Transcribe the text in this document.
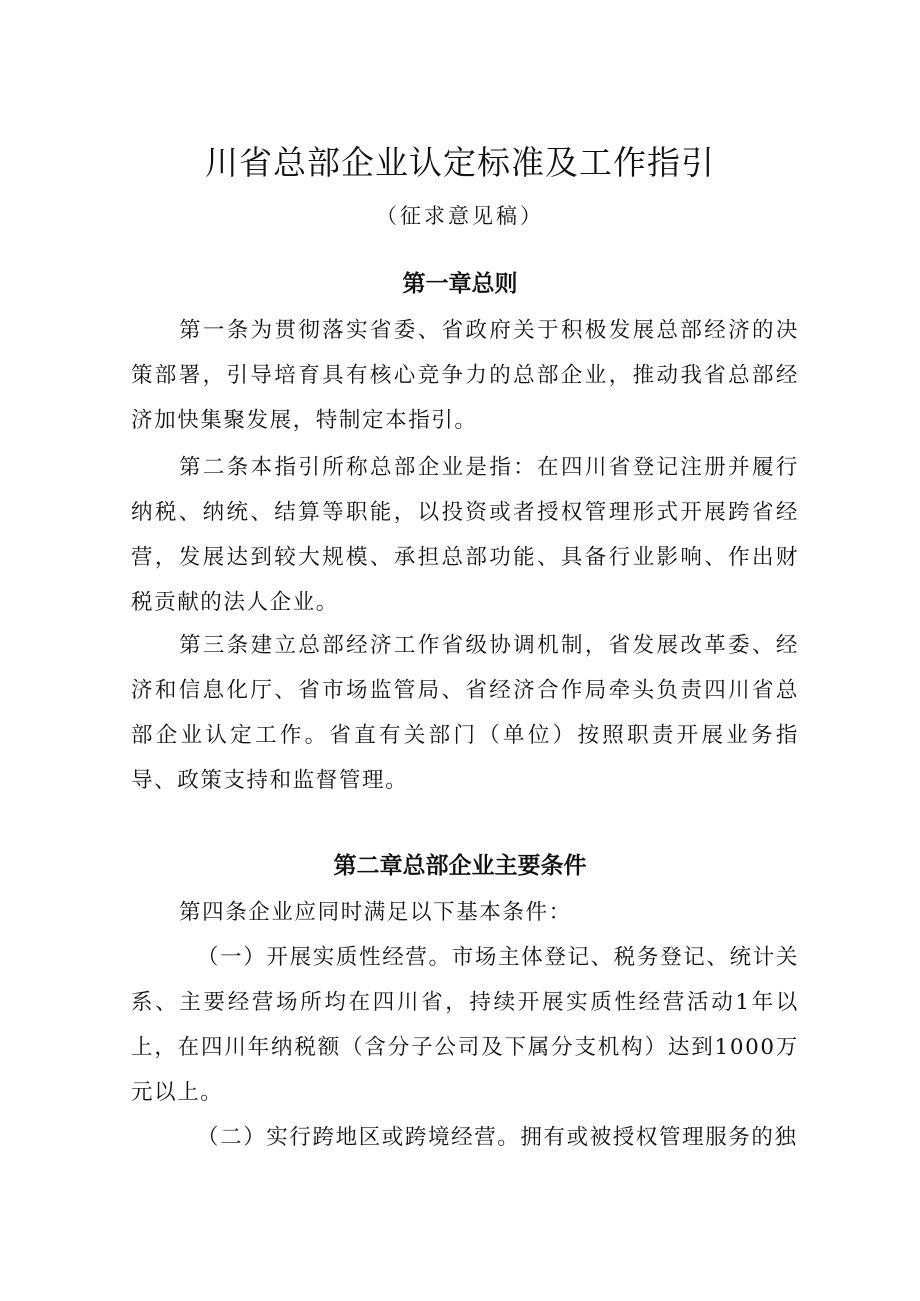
川省总部企业认定标准及工作指引
（征求意见稿）
第一章总则

第一条为贯彻落实省委、省政府关于积极发展总部经济的决策部署，引导培育具有核心竞争力的总部企业，推动我省总部经济加快集聚发展，特制定本指引。

第二条本指引所称总部企业是指：在四川省登记注册并履行纳税、纳统、结算等职能，以投资或者授权管理形式开展跨省经营，发展达到较大规模、承担总部功能、具备行业影响、作出财税贡献的法人企业。

第三条建立总部经济工作省级协调机制，省发展改革委、经济和信息化厅、省市场监管局、省经济合作局牵头负责四川省总部企业认定工作。省直有关部门（单位）按照职责开展业务指导、政策支持和监督管理。

第二章总部企业主要条件

第四条企业应同时满足以下基本条件：

（一）开展实质性经营。市场主体登记、税务登记、统计关系、主要经营场所均在四川省，持续开展实质性经营活动1年以上，在四川年纳税额（含分子公司及下属分支机构）达到1000万元以上。

（二）实行跨地区或跨境经营。拥有或被授权管理服务的独
